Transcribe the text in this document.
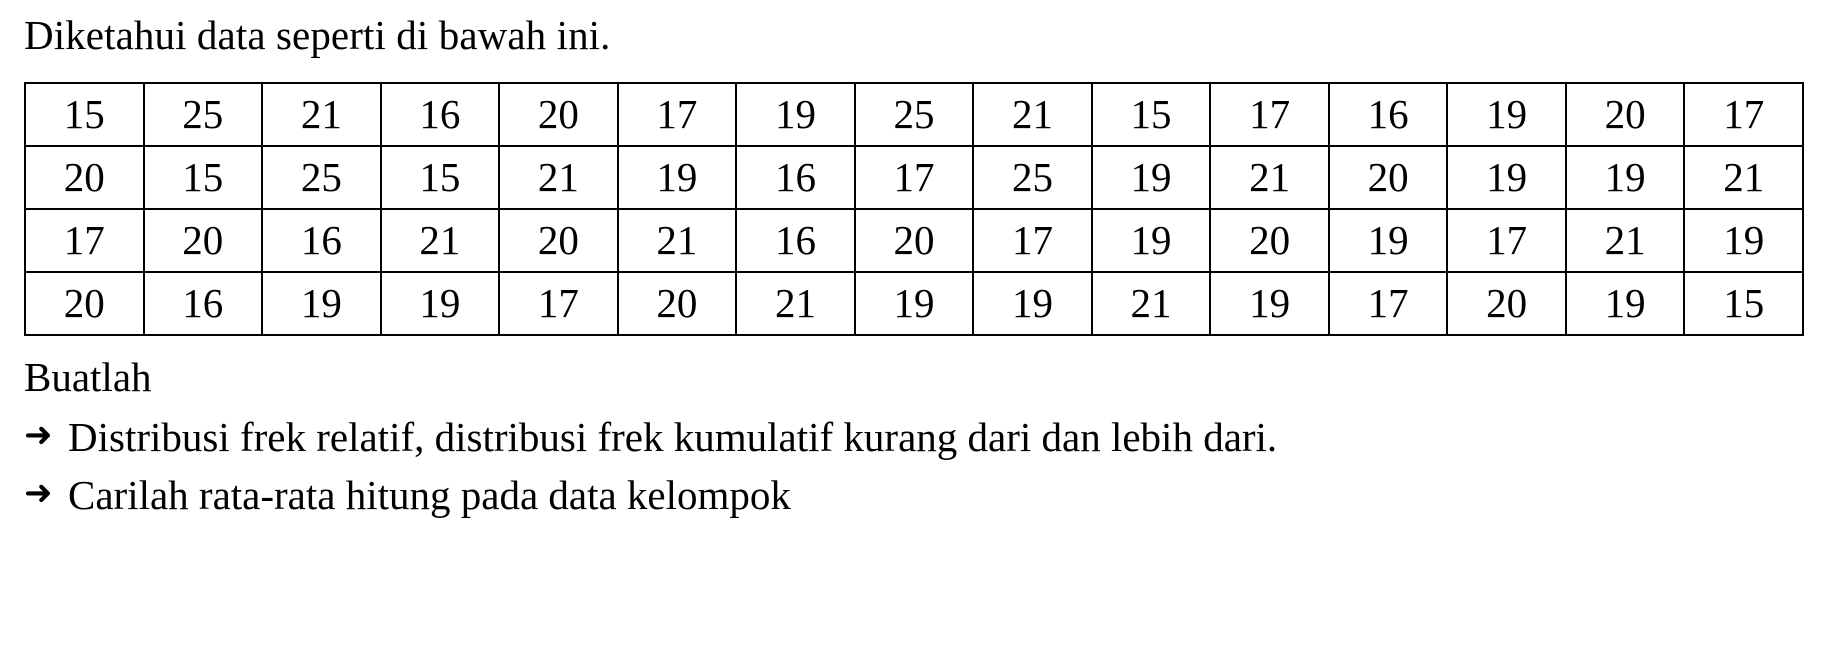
Diketahui data seperti di bawah ini.

15	25	21	16	20	17	19	25	21	15	17	16	19	20	17
20	15	25	15	21	19	16	17	25	19	21	20	19	19	21
17	20	16	21	20	21	16	20	17	19	20	19	17	21	19
20	16	19	19	17	20	21	19	19	21	19	17	20	19	15

Buatlah

➜ Distribusi frek relatif, distribusi frek kumulatif kurang dari dan lebih dari.
➜ Carilah rata-rata hitung pada data kelompok
